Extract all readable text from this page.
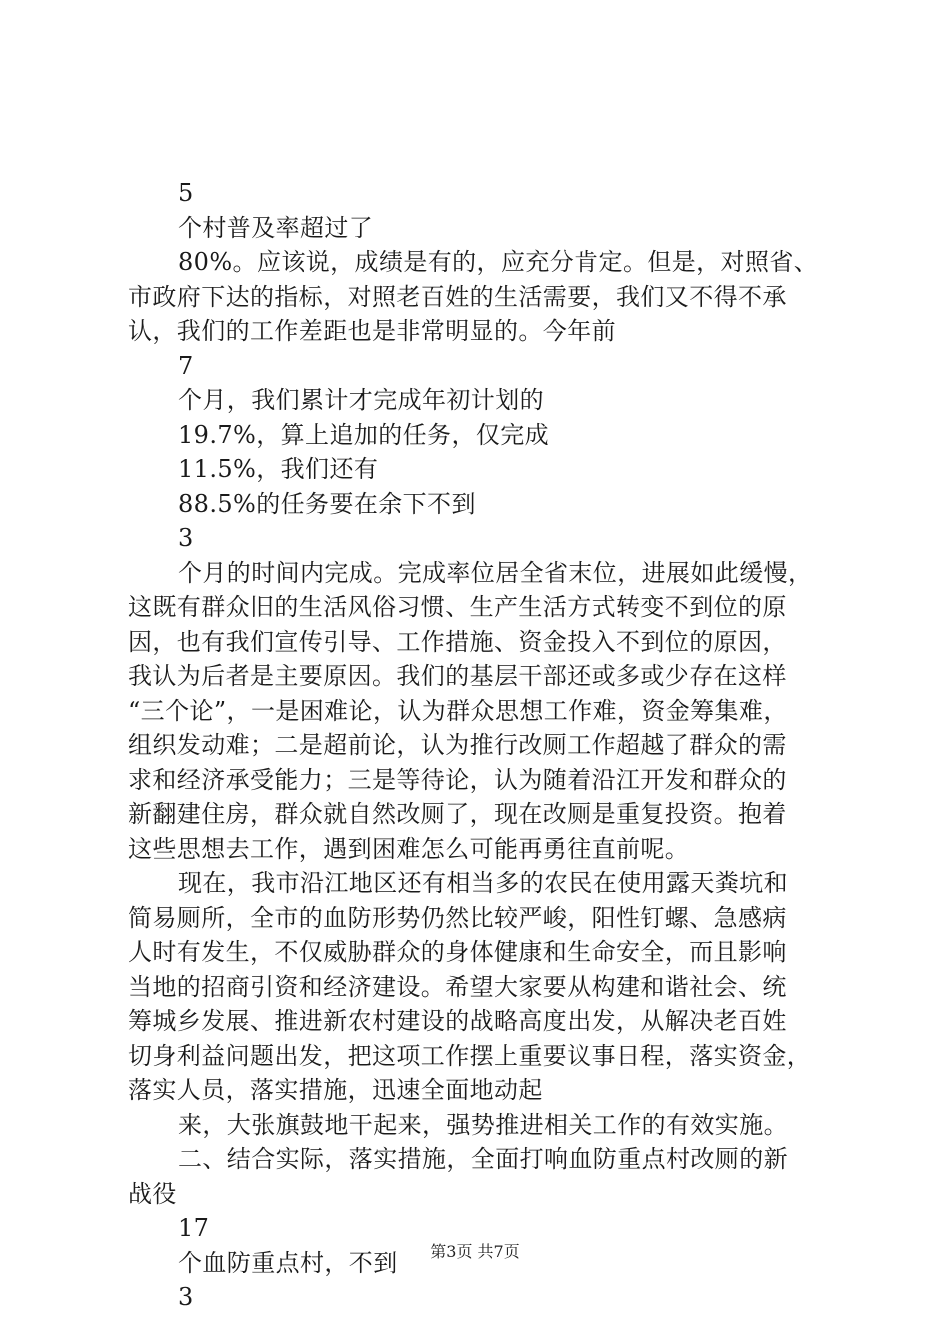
5
个村普及率超过了
80%。应该说，成绩是有的，应充分肯定。但是，对照省、
市政府下达的指标，对照老百姓的生活需要，我们又不得不承
认，我们的工作差距也是非常明显的。今年前
7
个月，我们累计才完成年初计划的
19.7%，算上追加的任务，仅完成
11.5%，我们还有
88.5%的任务要在余下不到
3
个月的时间内完成。完成率位居全省末位，进展如此缓慢，
这既有群众旧的生活风俗习惯、生产生活方式转变不到位的原
因，也有我们宣传引导、工作措施、资金投入不到位的原因，
我认为后者是主要原因。我们的基层干部还或多或少存在这样
“三个论”，一是困难论，认为群众思想工作难，资金筹集难，
组织发动难；二是超前论，认为推行改厕工作超越了群众的需
求和经济承受能力；三是等待论，认为随着沿江开发和群众的
新翻建住房，群众就自然改厕了，现在改厕是重复投资。抱着
这些思想去工作，遇到困难怎么可能再勇往直前呢。
现在，我市沿江地区还有相当多的农民在使用露天粪坑和
简易厕所，全市的血防形势仍然比较严峻，阳性钉螺、急感病
人时有发生，不仅威胁群众的身体健康和生命安全，而且影响
当地的招商引资和经济建设。希望大家要从构建和谐社会、统
筹城乡发展、推进新农村建设的战略高度出发，从解决老百姓
切身利益问题出发，把这项工作摆上重要议事日程，落实资金，
落实人员，落实措施，迅速全面地动起
来，大张旗鼓地干起来，强势推进相关工作的有效实施。
二、结合实际，落实措施，全面打响血防重点村改厕的新
战役
17
个血防重点村，不到
3
第3页 共7页
